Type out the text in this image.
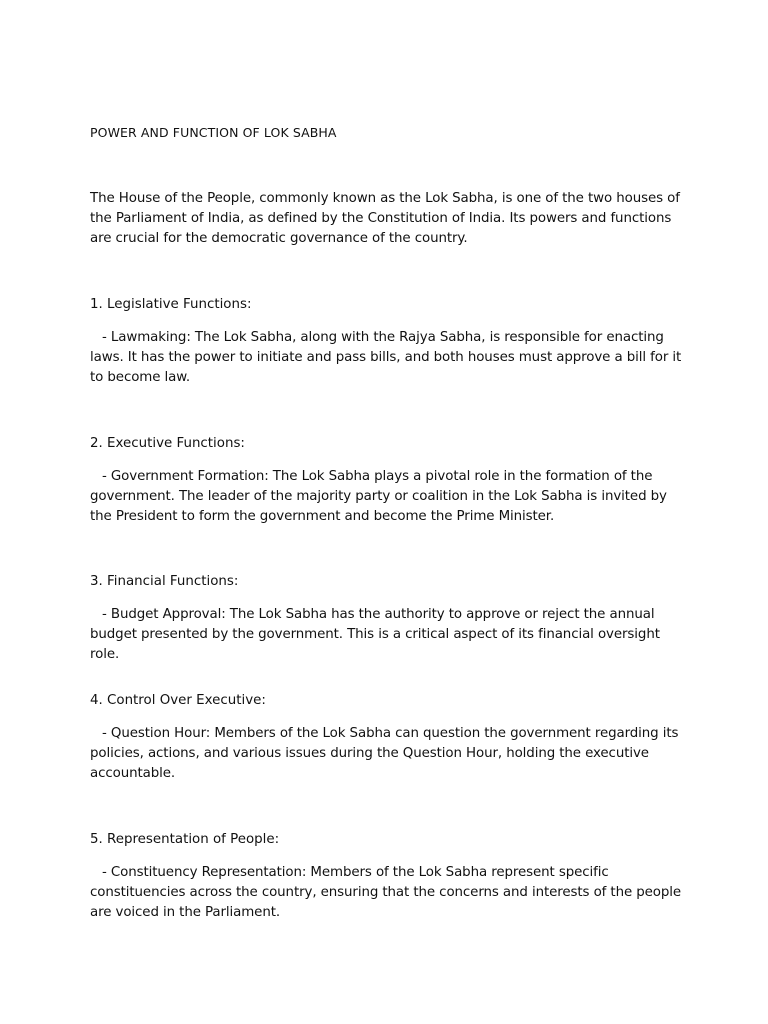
POWER AND FUNCTION OF LOK SABHA

The House of the People, commonly known as the Lok Sabha, is one of the two houses of the Parliament of India, as defined by the Constitution of India. Its powers and functions are crucial for the democratic governance of the country.

1. Legislative Functions:

- Lawmaking: The Lok Sabha, along with the Rajya Sabha, is responsible for enacting laws. It has the power to initiate and pass bills, and both houses must approve a bill for it to become law.

2. Executive Functions:

- Government Formation: The Lok Sabha plays a pivotal role in the formation of the government. The leader of the majority party or coalition in the Lok Sabha is invited by the President to form the government and become the Prime Minister.

3. Financial Functions:

- Budget Approval: The Lok Sabha has the authority to approve or reject the annual budget presented by the government. This is a critical aspect of its financial oversight role.

4. Control Over Executive:

- Question Hour: Members of the Lok Sabha can question the government regarding its policies, actions, and various issues during the Question Hour, holding the executive accountable.

5. Representation of People:

- Constituency Representation: Members of the Lok Sabha represent specific constituencies across the country, ensuring that the concerns and interests of the people are voiced in the Parliament.
